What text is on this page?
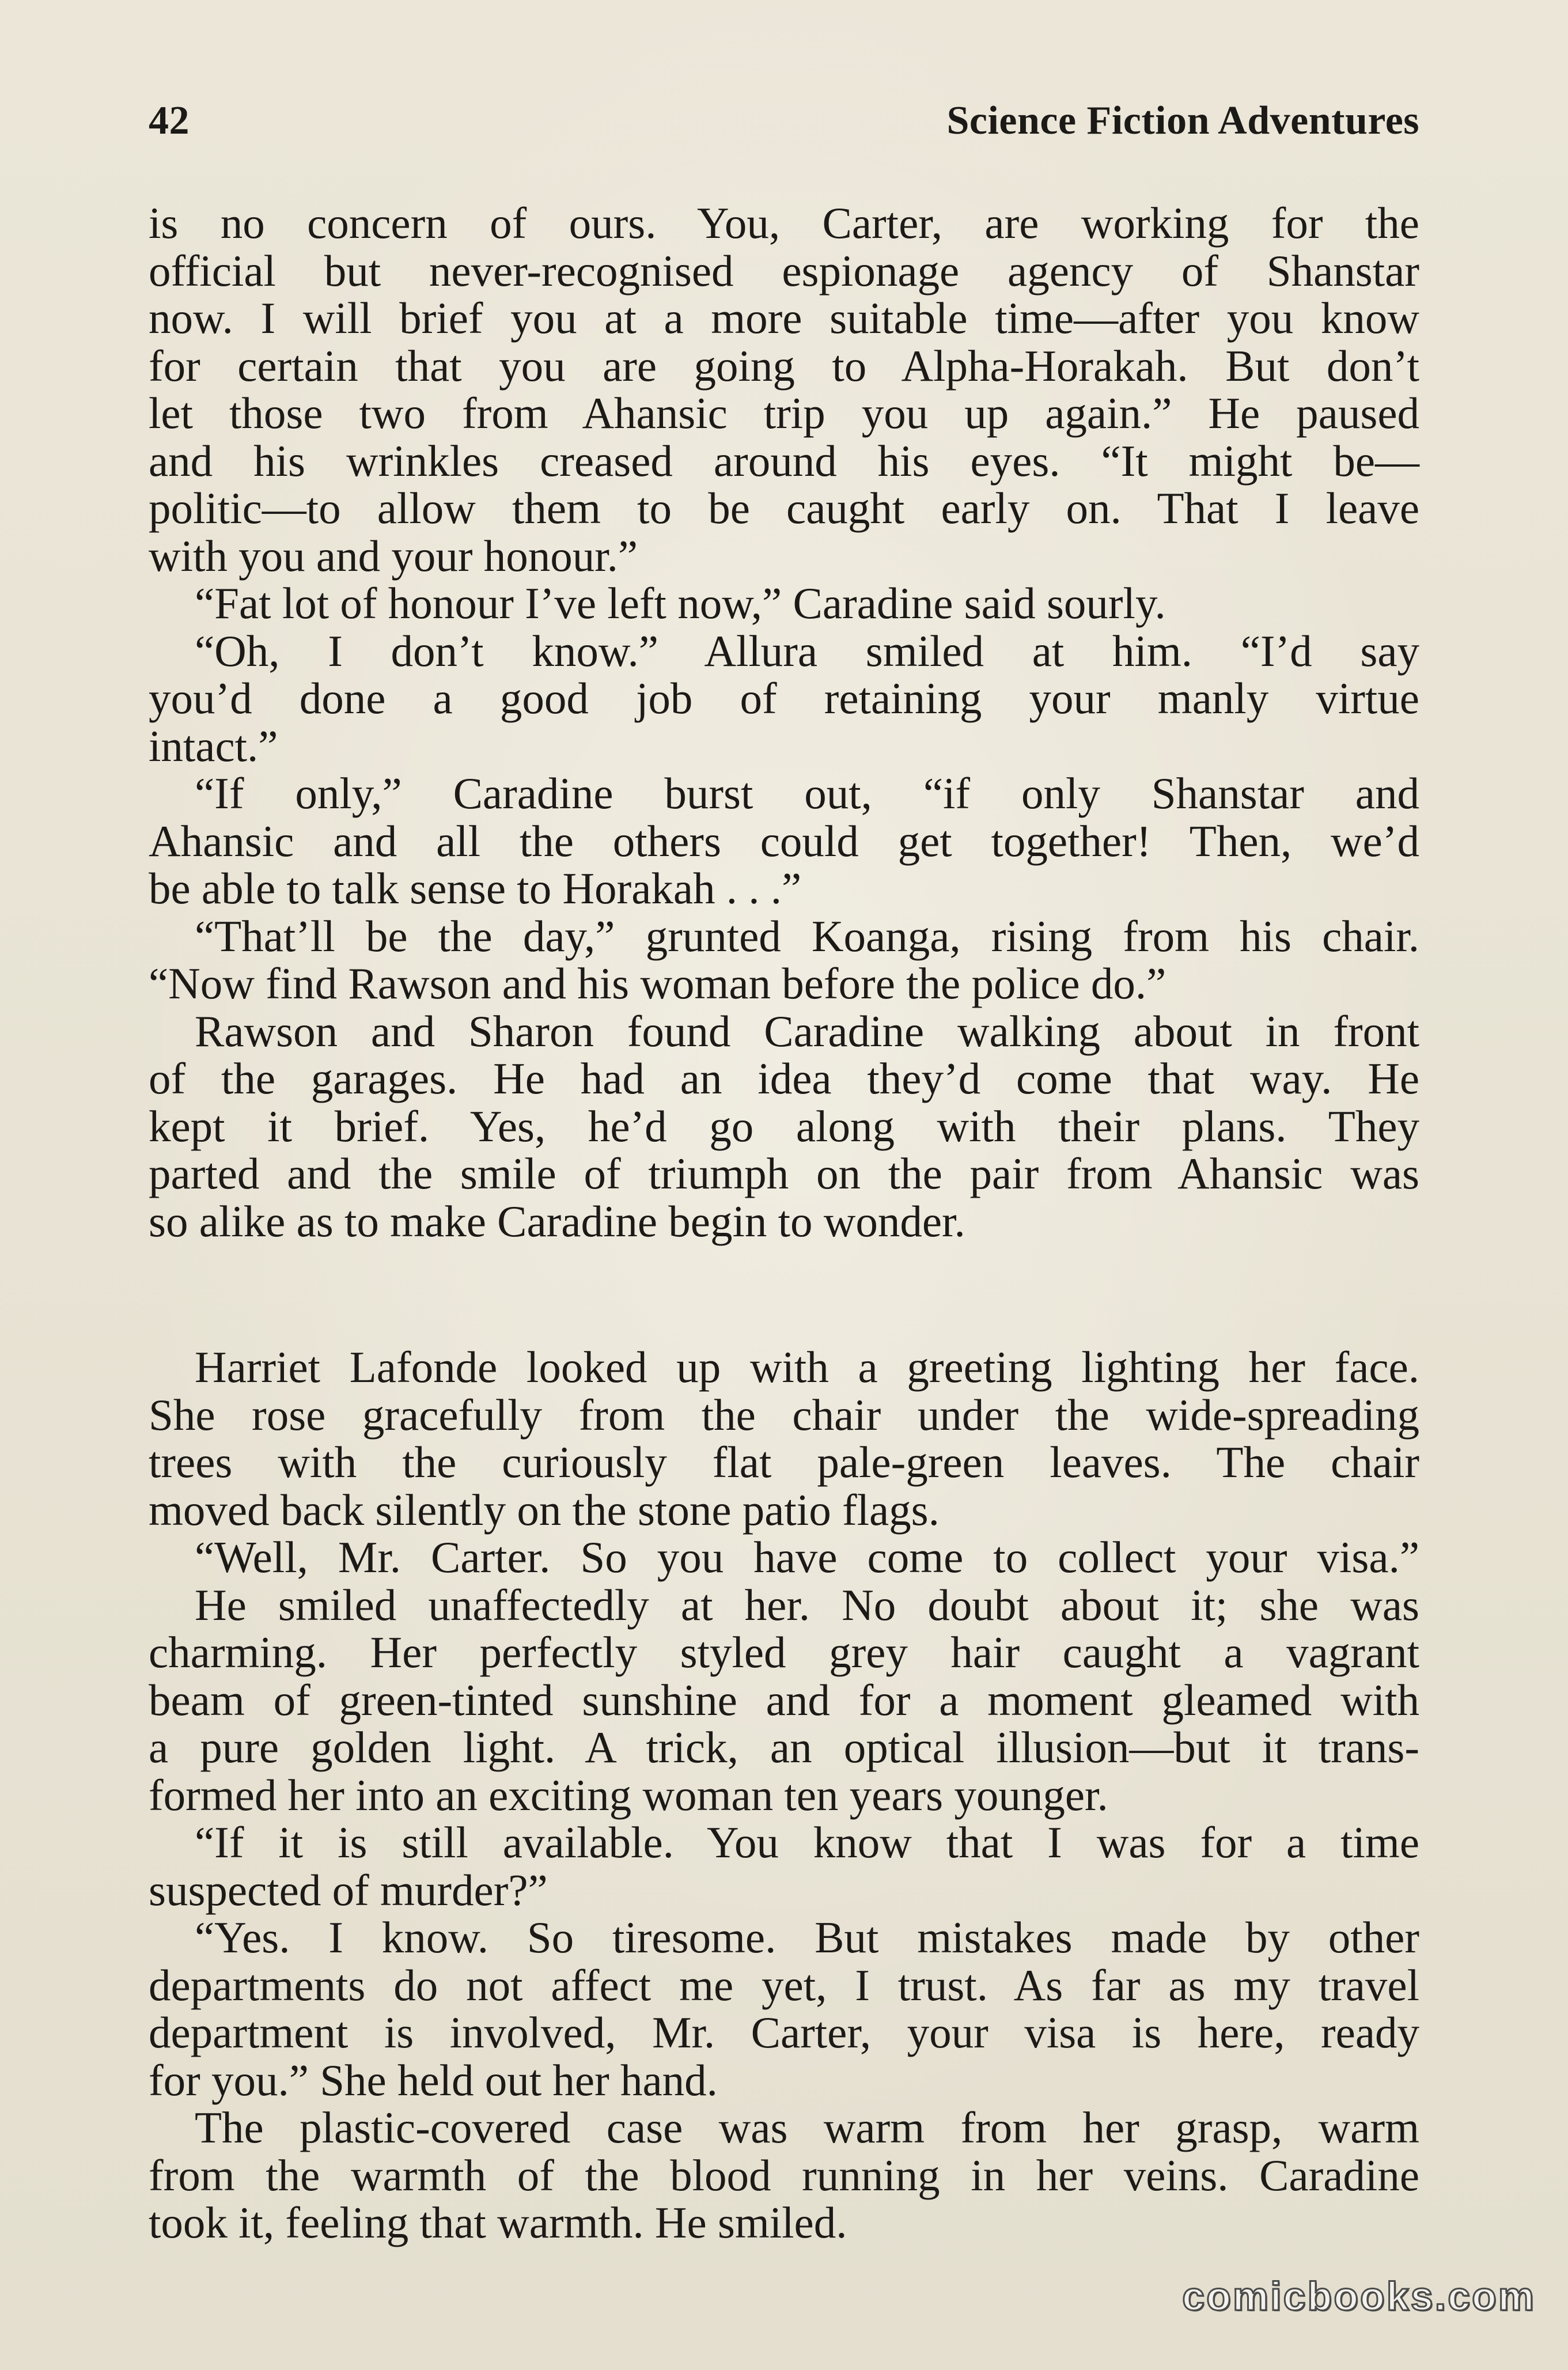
42	Science Fiction Adventures
is no concern of ours. You, Carter, are working for the
official but never-recognised espionage agency of Shanstar
now. I will brief you at a more suitable time—after you know
for certain that you are going to Alpha-Horakah. But don’t
let those two from Ahansic trip you up again.” He paused
and his wrinkles creased around his eyes. “It might be—
politic—to allow them to be caught early on. That I leave
with you and your honour.”
“Fat lot of honour I’ve left now,” Caradine said sourly.
“Oh, I don’t know.” Allura smiled at him. “I’d say
you’d done a good job of retaining your manly virtue
intact.”
“If only,” Caradine burst out, “if only Shanstar and
Ahansic and all the others could get together! Then, we’d
be able to talk sense to Horakah . . .”
“That’ll be the day,” grunted Koanga, rising from his chair.
“Now find Rawson and his woman before the police do.”
Rawson and Sharon found Caradine walking about in front
of the garages. He had an idea they’d come that way. He
kept it brief. Yes, he’d go along with their plans. They
parted and the smile of triumph on the pair from Ahansic was
so alike as to make Caradine begin to wonder.
Harriet Lafonde looked up with a greeting lighting her face.
She rose gracefully from the chair under the wide-spreading
trees with the curiously flat pale-green leaves. The chair
moved back silently on the stone patio flags.
“Well, Mr. Carter. So you have come to collect your visa.”
He smiled unaffectedly at her. No doubt about it; she was
charming. Her perfectly styled grey hair caught a vagrant
beam of green-tinted sunshine and for a moment gleamed with
a pure golden light. A trick, an optical illusion—but it trans-
formed her into an exciting woman ten years younger.
“If it is still available. You know that I was for a time
suspected of murder?”
“Yes. I know. So tiresome. But mistakes made by other
departments do not affect me yet, I trust. As far as my travel
department is involved, Mr. Carter, your visa is here, ready
for you.” She held out her hand.
The plastic-covered case was warm from her grasp, warm
from the warmth of the blood running in her veins. Caradine
took it, feeling that warmth. He smiled.
comicbooks.com
